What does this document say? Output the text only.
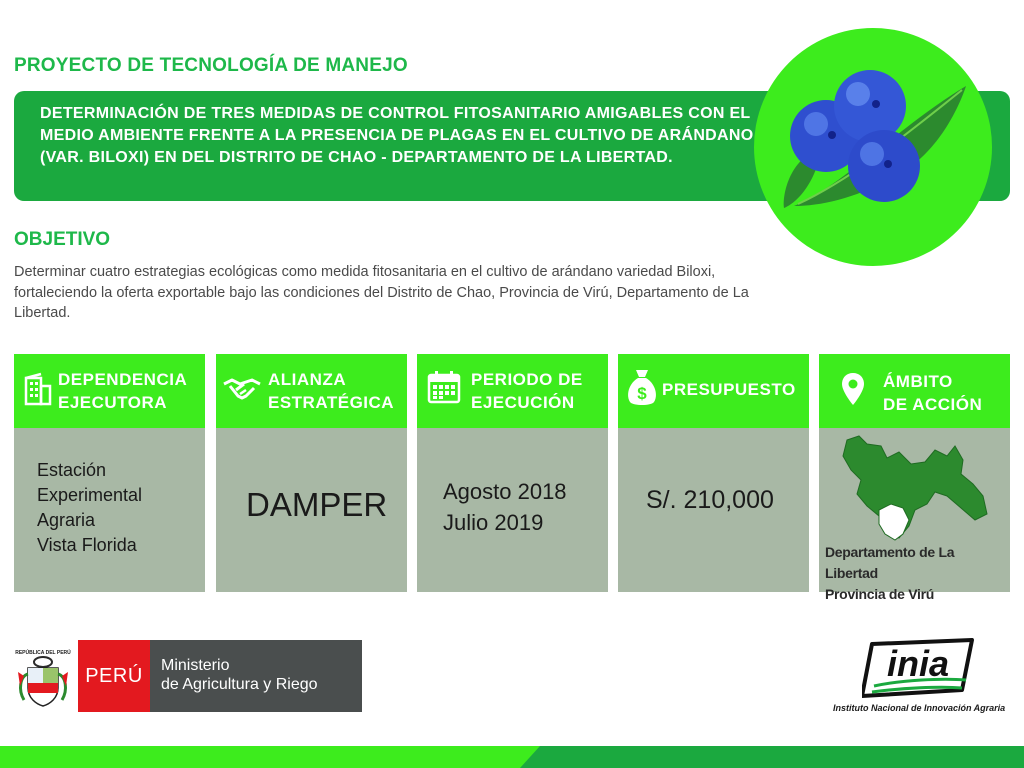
PROYECTO DE TECNOLOGÍA DE MANEJO
DETERMINACIÓN DE TRES MEDIDAS DE CONTROL FITOSANITARIO AMIGABLES CON EL MEDIO AMBIENTE FRENTE A LA PRESENCIA DE PLAGAS EN EL CULTIVO DE ARÁNDANO (VAR. BILOXI) EN DEL DISTRITO DE CHAO - DEPARTAMENTO DE LA LIBERTAD.
OBJETIVO
Determinar cuatro estrategias ecológicas como medida fitosanitaria en el cultivo de arándano variedad Biloxi, fortaleciendo la oferta exportable bajo las condiciones del Distrito de Chao, Provincia de Virú, Departamento de La Libertad.
DEPENDENCIA
EJECUTORA
Estación
Experimental
Agraria
Vista Florida
ALIANZA
ESTRATÉGICA
DAMPER
PERIODO DE
EJECUCIÓN
Agosto 2018
Julio 2019
$ PRESUPUESTO
S/. 210,000
ÁMBITO
DE ACCIÓN
Departamento de La Libertad
Provincia de Virú
REPÚBLICA DEL PERÚ
PERÚ	Ministerio
de Agricultura y Riego
inia
Instituto Nacional de Innovación Agraria
